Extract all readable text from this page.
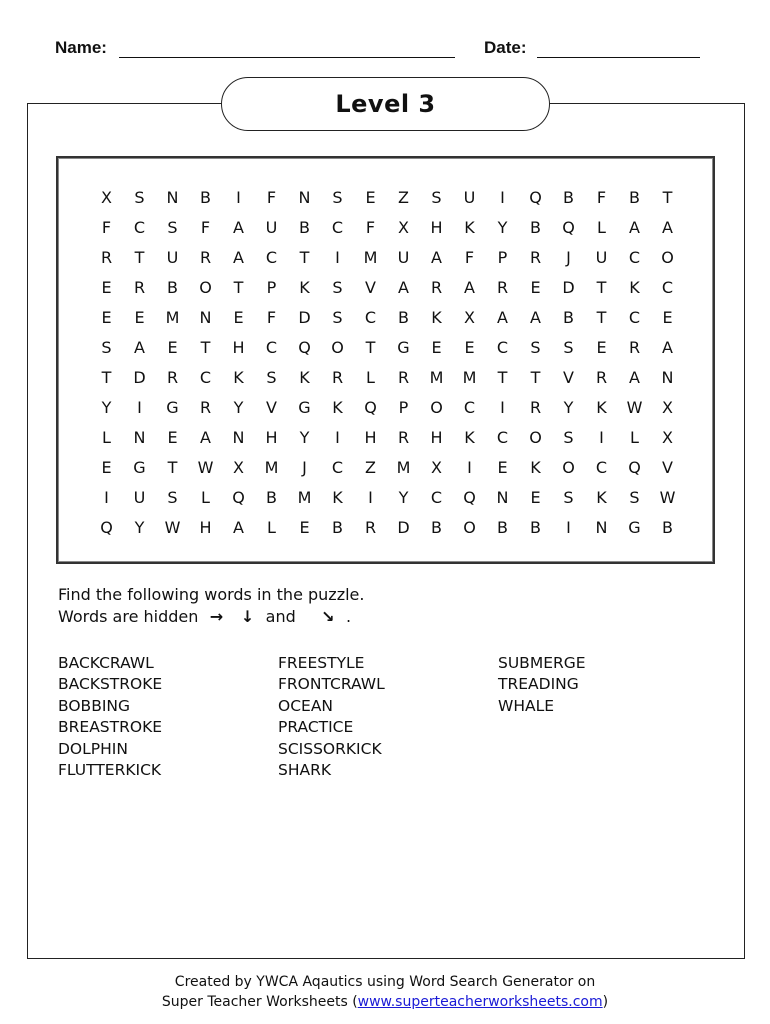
Name:	Date:
Level 3
X	S	N	B	I	F	N	S	E	Z	S	U	I	Q	B	F	B	T
F	C	S	F	A	U	B	C	F	X	H	K	Y	B	Q	L	A	A
R	T	U	R	A	C	T	I	M	U	A	F	P	R	J	U	C	O
E	R	B	O	T	P	K	S	V	A	R	A	R	E	D	T	K	C
E	E	M	N	E	F	D	S	C	B	K	X	A	A	B	T	C	E
S	A	E	T	H	C	Q	O	T	G	E	E	C	S	S	E	R	A
T	D	R	C	K	S	K	R	L	R	M	M	T	T	V	R	A	N
Y	I	G	R	Y	V	G	K	Q	P	O	C	I	R	Y	K	W	X
L	N	E	A	N	H	Y	I	H	R	H	K	C	O	S	I	L	X
E	G	T	W	X	M	J	C	Z	M	X	I	E	K	O	C	Q	V
I	U	S	L	Q	B	M	K	I	Y	C	Q	N	E	S	K	S	W
Q	Y	W	H	A	L	E	B	R	D	B	O	B	B	I	N	G	B
Find the following words in the puzzle.
Words are hidden → ↓ and ↘ .
BACKCRAWL
BACKSTROKE
BOBBING
BREASTROKE
DOLPHIN
FLUTTERKICK
FREESTYLE
FRONTCRAWL
OCEAN
PRACTICE
SCISSORKICK
SHARK
SUBMERGE
TREADING
WHALE
Created by YWCA Aqautics using Word Search Generator on
Super Teacher Worksheets (www.superteacherworksheets.com)
